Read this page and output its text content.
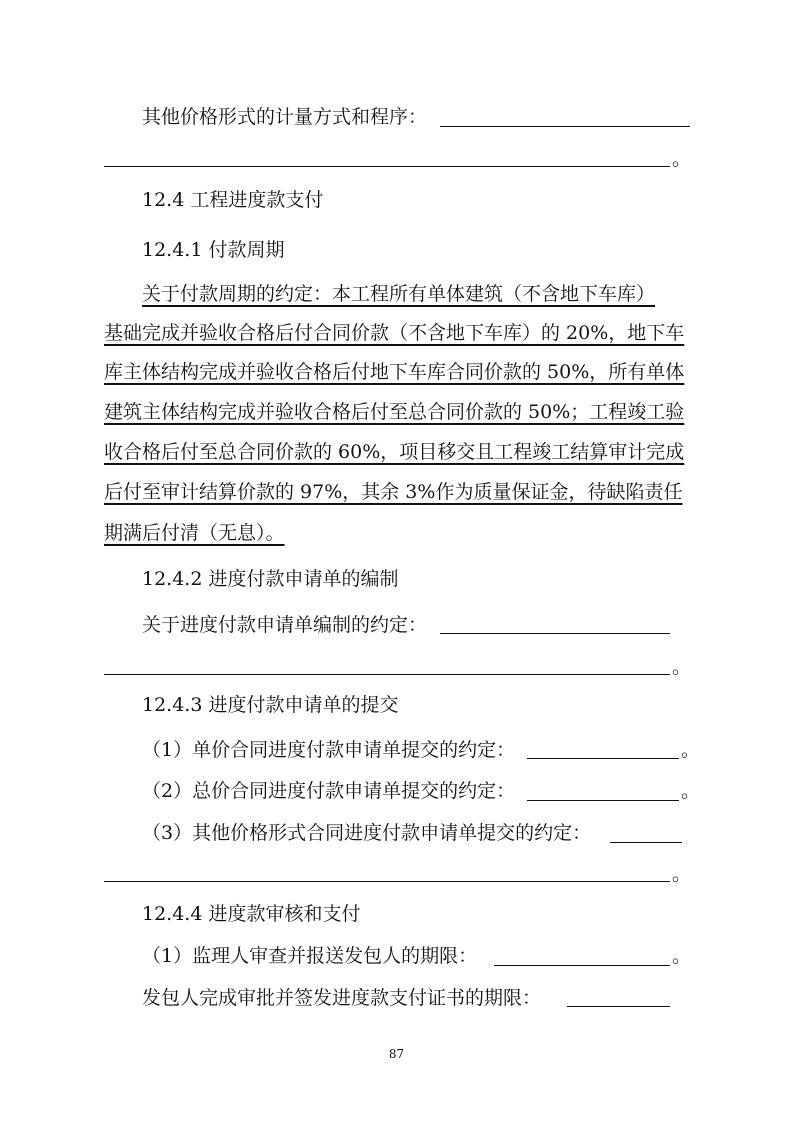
其他价格形式的计量方式和程序：
。
12.4 工程进度款支付
12.4.1 付款周期
关于付款周期的约定：本工程所有单体建筑（不含地下车库）
基础完成并验收合格后付合同价款（不含地下车库）的 20%，地下车
库主体结构完成并验收合格后付地下车库合同价款的 50%，所有单体
建筑主体结构完成并验收合格后付至总合同价款的 50%；工程竣工验
收合格后付至总合同价款的 60%，项目移交且工程竣工结算审计完成
后付至审计结算价款的 97%，其余 3%作为质量保证金，待缺陷责任
期满后付清（无息）。
12.4.2 进度付款申请单的编制
关于进度付款申请单编制的约定：
。
12.4.3 进度付款申请单的提交
（1）单价合同进度付款申请单提交的约定：	。
（2）总价合同进度付款申请单提交的约定：	。
（3）其他价格形式合同进度付款申请单提交的约定：
。
12.4.4 进度款审核和支付
（1）监理人审查并报送发包人的期限：	。
发包人完成审批并签发进度款支付证书的期限：
87
